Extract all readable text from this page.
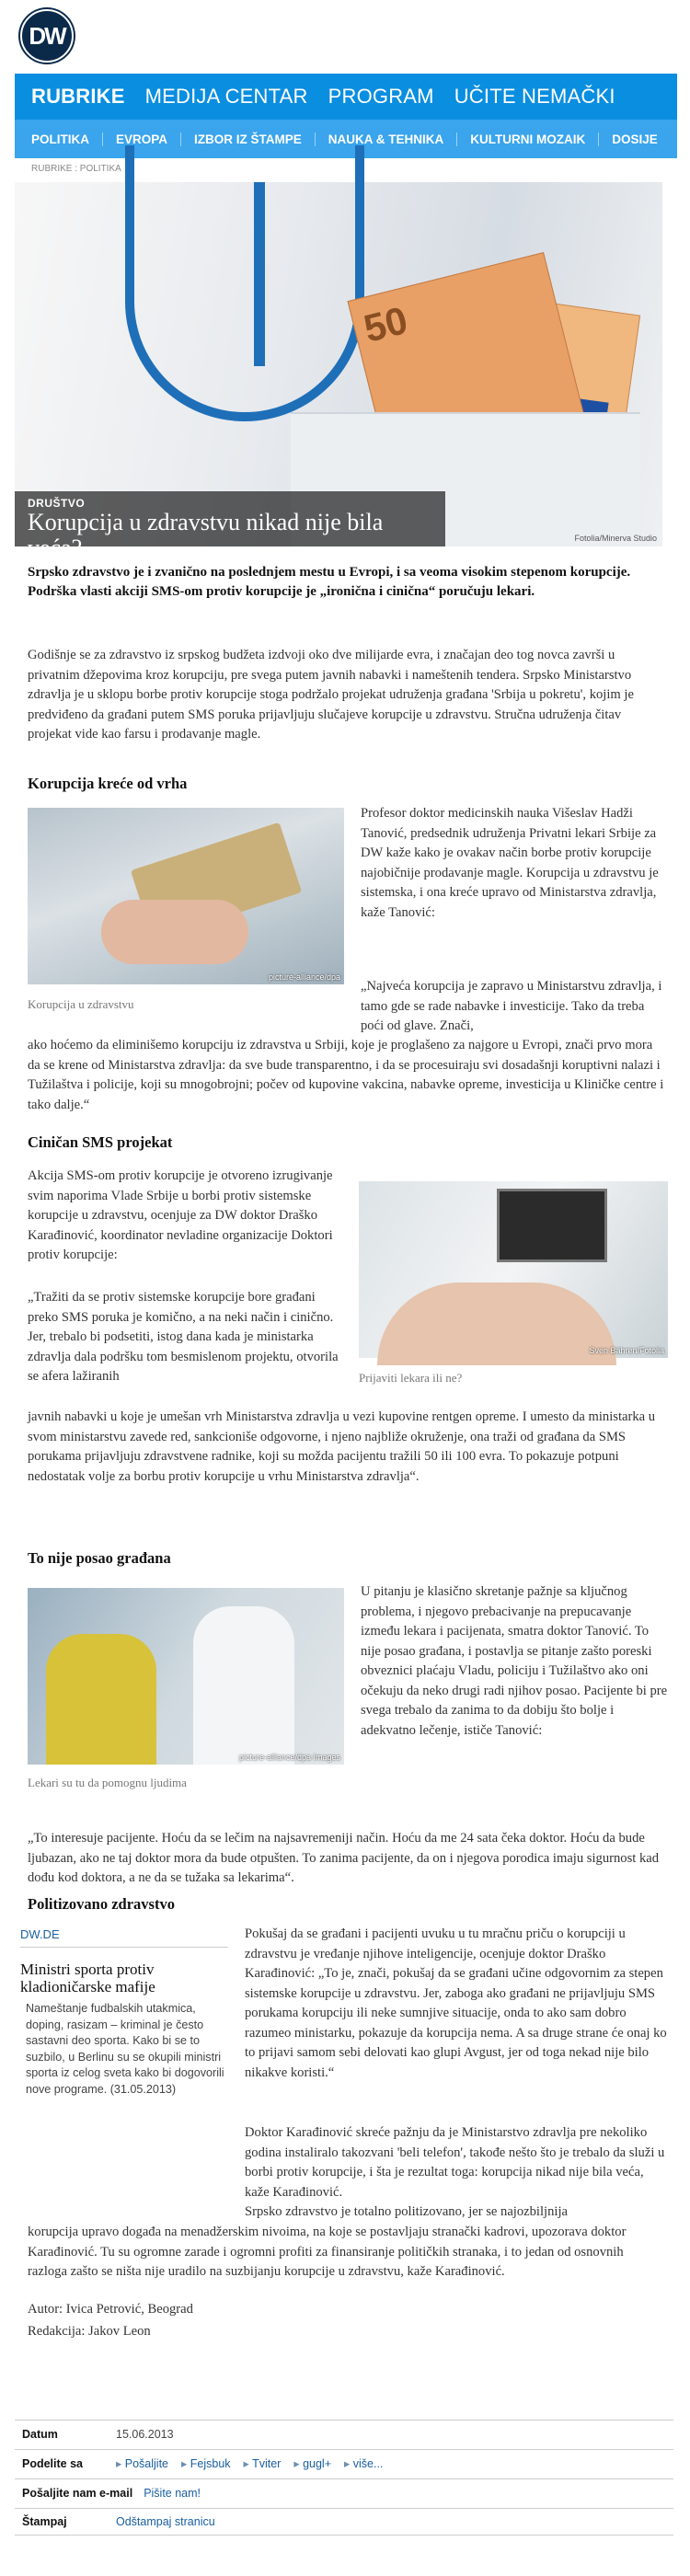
DW
RUBRIKE MEDIJA CENTAR PROGRAM UČITE NEMAČKI
POLITIKA	EVROPA	IZBOR IZ ŠTAMPE	NAUKA & TEHNIKA	KULTURNI MOZAIK	DOSIJE
RUBRIKE : POLITIKA
50
Fotolia/Minerva Studio
DRUŠTVO
Korupcija u zdravstvu nikad nije bila veća?
Srpsko zdravstvo je i zvanično na poslednjem mestu u Evropi, i sa veoma visokim stepenom korupcije. Podrška vlasti akciji SMS-om protiv korupcije je „ironična i cinična“ poručuju lekari.
Godišnje se za zdravstvo iz srpskog budžeta izdvoji oko dve milijarde evra, i značajan deo tog novca završi u privatnim džepovima kroz korupciju, pre svega putem javnih nabavki i nameštenih tendera. Srpsko Ministarstvo zdravlja je u sklopu borbe protiv korupcije stoga podržalo projekat udruženja građana 'Srbija u pokretu', kojim je predviđeno da građani putem SMS poruka prijavljuju slučajeve korupcije u zdravstvu. Stručna udruženja čitav projekat vide kao farsu i prodavanje magle.
Korupcija kreće od vrha
picture-alliance/dpa
Korupcija u zdravstvu
Profesor doktor medicinskih nauka Višeslav Hadži Tanović, predsednik udruženja Privatni lekari Srbije za DW kaže kako je ovakav način borbe protiv korupcije najobičnije prodavanje magle. Korupcija u zdravstvu je sistemska, i ona kreće upravo od Ministarstva zdravlja, kaže Tanović:
„Najveća korupcija je zapravo u Ministarstvu zdravlja, i tamo gde se rade nabavke i investicije. Tako da treba poći od glave. Znači,
ako hoćemo da eliminišemo korupciju iz zdravstva u Srbiji, koje je proglašeno za najgore u Evropi, znači prvo mora da se krene od Ministarstva zdravlja: da sve bude transparentno, i da se procesuiraju svi dosadašnji koruptivni nalazi i Tužilaštva i policije, koji su mnogobrojni; počev od kupovine vakcina, nabavke opreme, investicija u Kliničke centre i tako dalje.“
Ciničan SMS projekat
Akcija SMS-om protiv korupcije je otvoreno izrugivanje svim naporima Vlade Srbije u borbi protiv sistemske korupcije u zdravstvu, ocenjuje za DW doktor Draško Karađinović, koordinator nevladine organizacije Doktori protiv korupcije:
Sven Bähren/Fotolia
Prijaviti lekara ili ne?
„Tražiti da se protiv sistemske korupcije bore građani preko SMS poruka je komično, a na neki način i cinično. Jer, trebalo bi podsetiti, istog dana kada je ministarka zdravlja dala podršku tom besmislenom projektu, otvorila se afera lažiranih
javnih nabavki u koje je umešan vrh Ministarstva zdravlja u vezi kupovine rentgen opreme. I umesto da ministarka u svom ministarstvu zavede red, sankcioniše odgovorne, i njeno najbliže okruženje, ona traži od građana da SMS porukama prijavljuju zdravstvene radnike, koji su možda pacijentu tražili 50 ili 100 evra. To pokazuje potpuni nedostatak volje za borbu protiv korupcije u vrhu Ministarstva zdravlja“.
To nije posao građana
picture-alliance/dpa Images
Lekari su tu da pomognu ljudima
U pitanju je klasično skretanje pažnje sa ključnog problema, i njegovo prebacivanje na prepucavanje između lekara i pacijenata, smatra doktor Tanović. To nije posao građana, i postavlja se pitanje zašto poreski obveznici plaćaju Vladu, policiju i Tužilaštvo ako oni očekuju da neko drugi radi njihov posao. Pacijente bi pre svega trebalo da zanima to da dobiju što bolje i adekvatno lečenje, ističe Tanović:
„To interesuje pacijente. Hoću da se lečim na najsavremeniji način. Hoću da me 24 sata čeka doktor. Hoću da bude ljubazan, ako ne taj doktor mora da bude otpušten. To zanima pacijente, da on i njegova porodica imaju sigurnost kad dođu kod doktora, a ne da se tužaka sa lekarima“.
Politizovano zdravstvo
DW.DE
Ministri sporta protiv kladioničarske mafije
Nameštanje fudbalskih utakmica, doping, rasizam – kriminal je često sastavni deo sporta. Kako bi se to suzbilo, u Berlinu su se okupili ministri sporta iz celog sveta kako bi dogovorili nove programe. (31.05.2013)
Pokušaj da se građani i pacijenti uvuku u tu mračnu priču o korupciji u zdravstvu je vređanje njihove inteligencije, ocenjuje doktor Draško Karađinović: „To je, znači, pokušaj da se građani učine odgovornim za stepen sistemske korupcije u zdravstvu. Jer, zaboga ako građani ne prijavljuju SMS porukama korupciju ili neke sumnjive situacije, onda to ako sam dobro razumeo ministarku, pokazuje da korupcija nema. A sa druge strane će onaj ko to prijavi samom sebi delovati kao glupi Avgust, jer od toga nekad nije bilo nikakve koristi.“
Doktor Karađinović skreće pažnju da je Ministarstvo zdravlja pre nekoliko godina instaliralo takozvani 'beli telefon', takođe nešto što je trebalo da služi u borbi protiv korupcije, i šta je rezultat toga: korupcija nikad nije bila veća, kaže Karađinović.
Srpsko zdravstvo je totalno politizovano, jer se najozbiljnija
korupcija upravo događa na menadžerskim nivoima, na koje se postavljaju stranački kadrovi, upozorava doktor Karađinović. Tu su ogromne zarade i ogromni profiti za finansiranje političkih stranaka, i to jedan od osnovnih razloga zašto se ništa nije uradilo na suzbijanju korupcije u zdravstvu, kaže Karađinović.
Autor: Ivica Petrović, Beograd
Redakcija: Jakov Leon
Datum	15.06.2013
Podelite sa	▸ Pošaljite	▸ Fejsbuk	▸ Tviter	▸ gugl+	▸ više...
Pošaljite nam e-mail Pišite nam!
Štampaj	Odštampaj stranicu
